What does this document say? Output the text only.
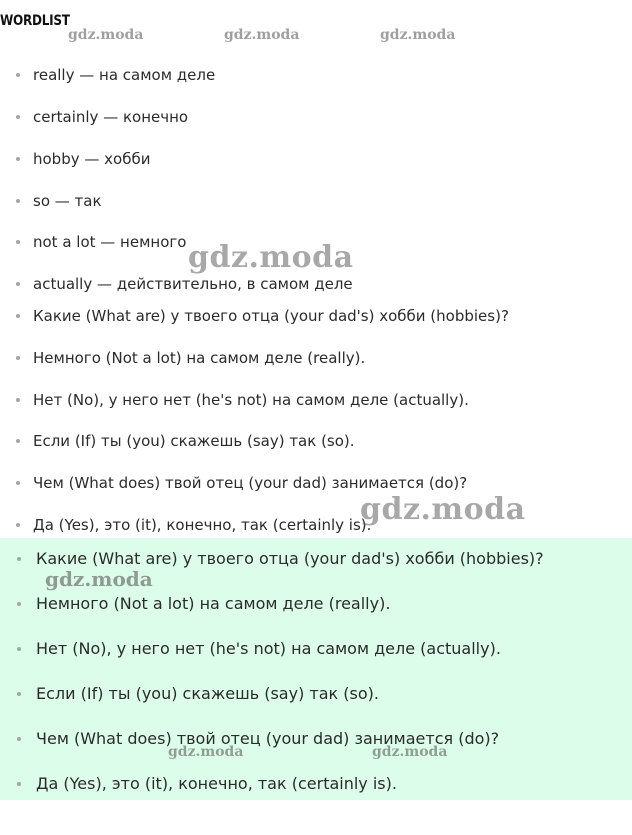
WORDLIST
really — на самом деле
certainly — конечно
hobby — хобби
so — так
not a lot — немного
actually — действительно, в самом деле
Какие (What are) у твоего отца (your dad's) хобби (hobbies)?
Немного (Not a lot) на самом деле (really).
Нет (No), у него нет (he's not) на самом деле (actually).
Если (If) ты (you) скажешь (say) так (so).
Чем (What does) твой отец (your dad) занимается (do)?
Да (Yes), это (it), конечно, так (certainly is).
Какие (What are) у твоего отца (your dad's) хобби (hobbies)?
Немного (Not a lot) на самом деле (really).
Нет (No), у него нет (he's not) на самом деле (actually).
Если (If) ты (you) скажешь (say) так (so).
Чем (What does) твой отец (your dad) занимается (do)?
Да (Yes), это (it), конечно, так (certainly is).
gdz.moda	gdz.moda	gdz.moda
gdz.moda
gdz.moda
gdz.moda
gdz.moda	gdz.moda
